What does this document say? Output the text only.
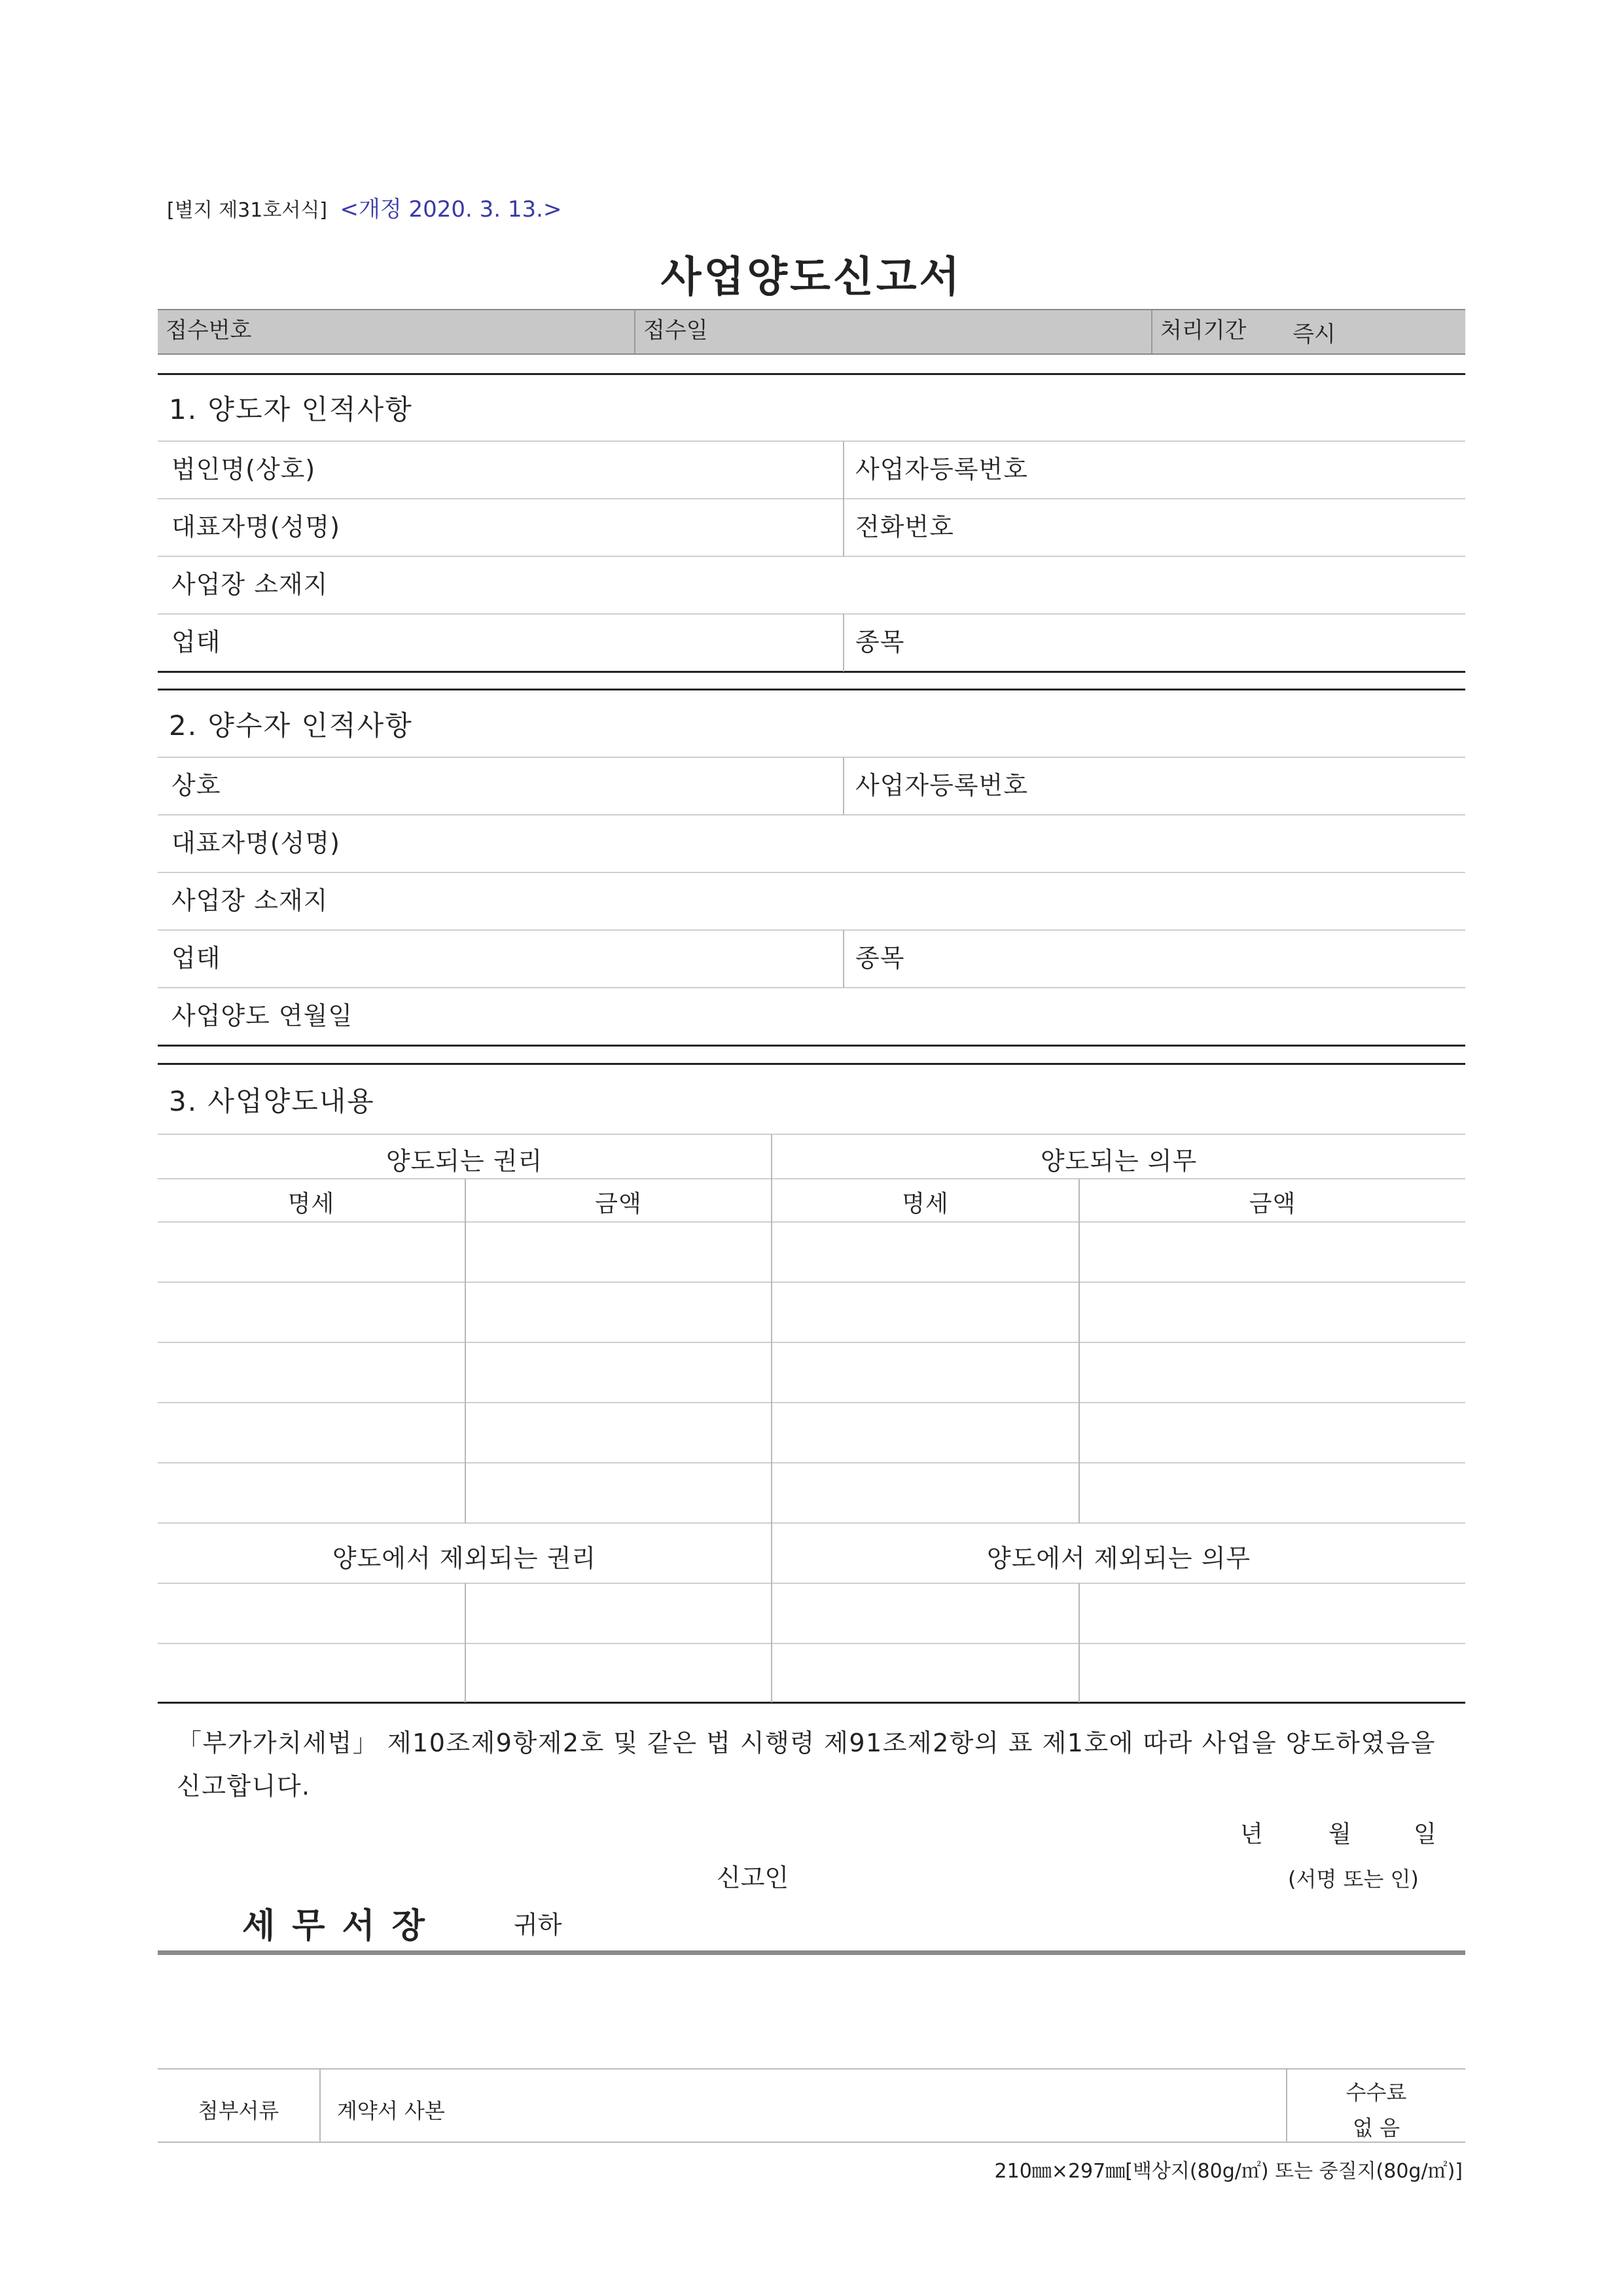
[별지 제31호서식] <개정 2020. 3. 13.>
사업양도신고서
접수번호	접수일	처리기간 즉시
1. 양도자 인적사항
법인명(상호)	사업자등록번호
대표자명(성명)	전화번호
사업장 소재지
업태	종목
2. 양수자 인적사항
상호	사업자등록번호
대표자명(성명)
사업장 소재지
업태	종목
사업양도 연월일
3. 사업양도내용
양도되는 권리	양도되는 의무
명세	금액	명세	금액
양도에서 제외되는 권리	양도에서 제외되는 의무
「부가가치세법」 제10조제9항제2호 및 같은 법 시행령 제91조제2항의 표 제1호에 따라 사업을 양도하였음을 신고합니다.
년	월	일
신고인	(서명 또는 인)
세무서장	귀하
첨부서류	계약서 사본
수수료
없 음
210㎜×297㎜[백상지(80g/㎡) 또는 중질지(80g/㎡)]
